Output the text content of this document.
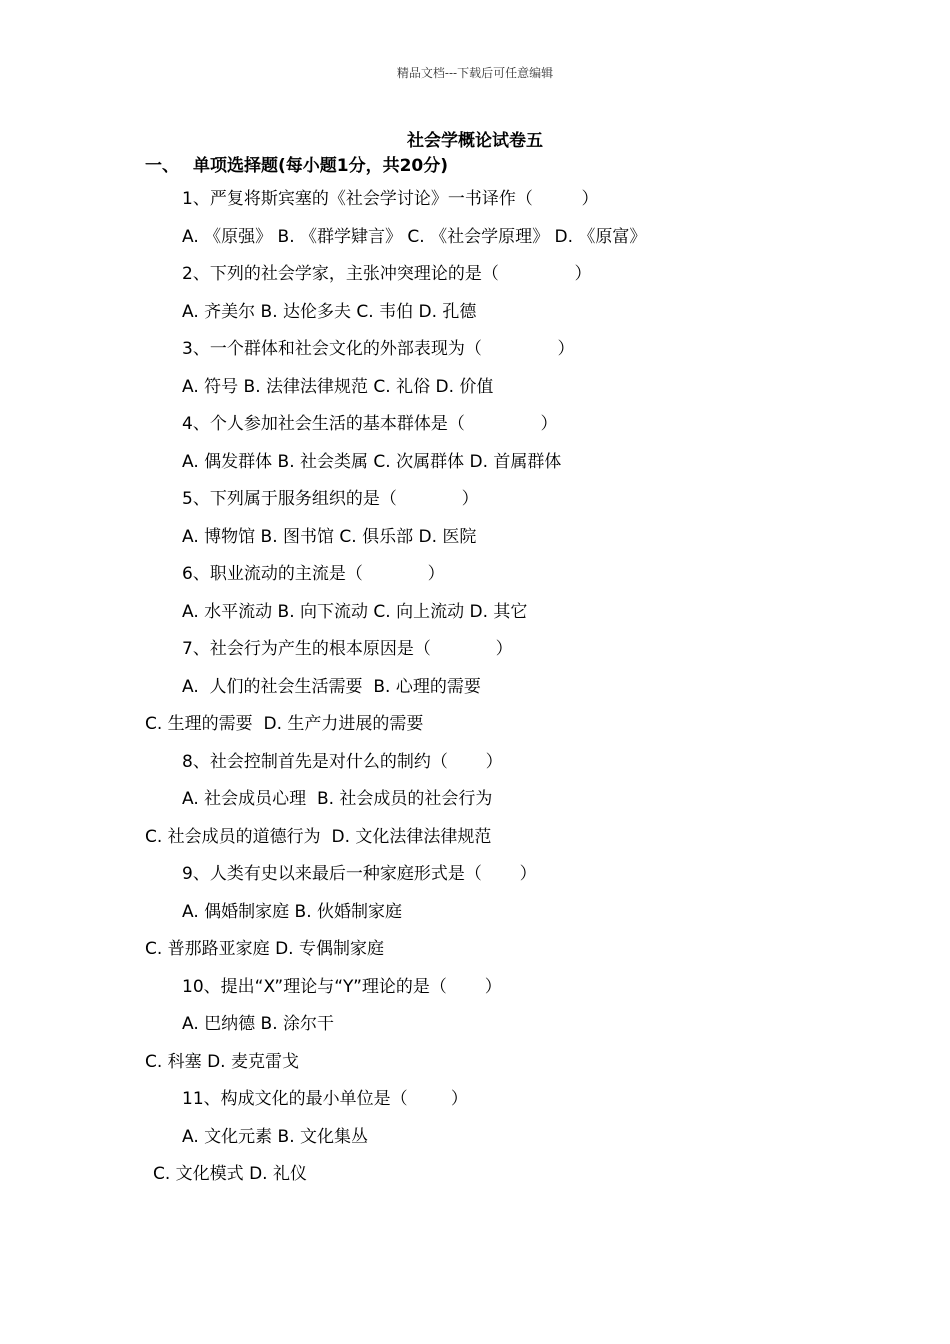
精品文档---下载后可任意编辑
社会学概论试卷五
一、 单项选择题(每小题1分，共20分)
1、严复将斯宾塞的《社会学讨论》一书译作（         ）
A. 《原强》 B. 《群学肄言》 C. 《社会学原理》 D. 《原富》
2、下列的社会学家，主张冲突理论的是（              ）
A. 齐美尔 B. 达伦多夫 C. 韦伯 D. 孔德
3、一个群体和社会文化的外部表现为（              ）
A. 符号 B. 法律法律规范 C. 礼俗 D. 价值
4、个人参加社会生活的基本群体是（              ）
A. 偶发群体 B. 社会类属 C. 次属群体 D. 首属群体
5、下列属于服务组织的是（            ）
A. 博物馆 B. 图书馆 C. 俱乐部 D. 医院
6、职业流动的主流是（            ）
A. 水平流动 B. 向下流动 C. 向上流动 D. 其它
7、社会行为产生的根本原因是（            ）
A.  人们的社会生活需要  B. 心理的需要
C. 生理的需要  D. 生产力进展的需要
8、社会控制首先是对什么的制约（       ）
A. 社会成员心理  B. 社会成员的社会行为
C. 社会成员的道德行为  D. 文化法律法律规范
9、人类有史以来最后一种家庭形式是（       ）
A. 偶婚制家庭 B. 伙婚制家庭
C. 普那路亚家庭 D. 专偶制家庭
10、提出“X”理论与“Y”理论的是（       ）
A. 巴纳德 B. 涂尔干
C. 科塞 D. 麦克雷戈
11、构成文化的最小单位是（        ）
A. 文化元素 B. 文化集丛
C. 文化模式 D. 礼仪
